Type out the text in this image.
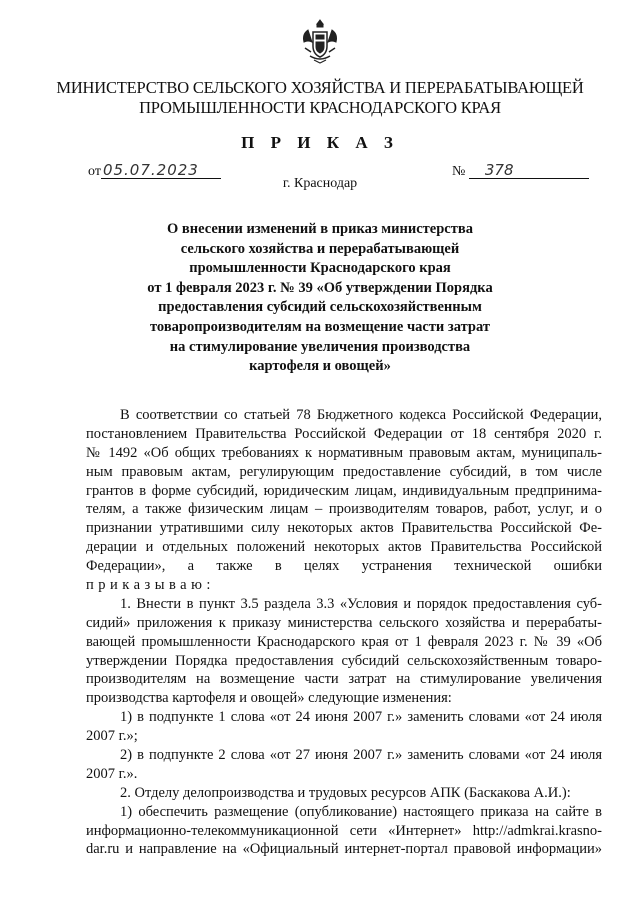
МИНИСТЕРСТВО СЕЛЬСКОГО ХОЗЯЙСТВА И ПЕРЕРАБАТЫВАЮЩЕЙ
ПРОМЫШЛЕННОСТИ КРАСНОДАРСКОГО КРАЯ
П Р И К А З
от 05.07.2023	№ 378
г. Краснодар
О внесении изменений в приказ министерства
сельского хозяйства и перерабатывающей
промышленности Краснодарского края
от 1 февраля 2023 г. № 39 «Об утверждении Порядка
предоставления субсидий сельскохозяйственным
товаропроизводителям на возмещение части затрат
на стимулирование увеличения производства
картофеля и овощей»
В соответствии со статьей 78 Бюджетного кодекса Российской Федерации,
постановлением Правительства Российской Федерации от 18 сентября 2020 г.
№ 1492 «Об общих требованиях к нормативным правовым актам, муниципаль-
ным правовым актам, регулирующим предоставление субсидий, в том числе
грантов в форме субсидий, юридическим лицам, индивидуальным предпринима-
телям, а также физическим лицам – производителям товаров, работ, услуг, и о
признании утратившими силу некоторых актов Правительства Российской Фе-
дерации и отдельных положений некоторых актов Правительства Российской
Федерации», а также в целях устранения технической ошибки
приказываю:
1. Внести в пункт 3.5 раздела 3.3 «Условия и порядок предоставления суб-
сидий» приложения к приказу министерства сельского хозяйства и перерабаты-
вающей промышленности Краснодарского края от 1 февраля 2023 г. № 39 «Об
утверждении Порядка предоставления субсидий сельскохозяйственным товаро-
производителям на возмещение части затрат на стимулирование увеличения
производства картофеля и овощей» следующие изменения:
1) в подпункте 1 слова «от 24 июня 2007 г.» заменить словами «от 24 июля
2007 г.»;
2) в подпункте 2 слова «от 27 июня 2007 г.» заменить словами «от 24 июля
2007 г.».
2. Отделу делопроизводства и трудовых ресурсов АПК (Баскакова А.И.):
1) обеспечить размещение (опубликование) настоящего приказа на сайте в
информационно-телекоммуникационной сети «Интернет» http://admkrai.krasno-
dar.ru и направление на «Официальный интернет-портал правовой информации»
